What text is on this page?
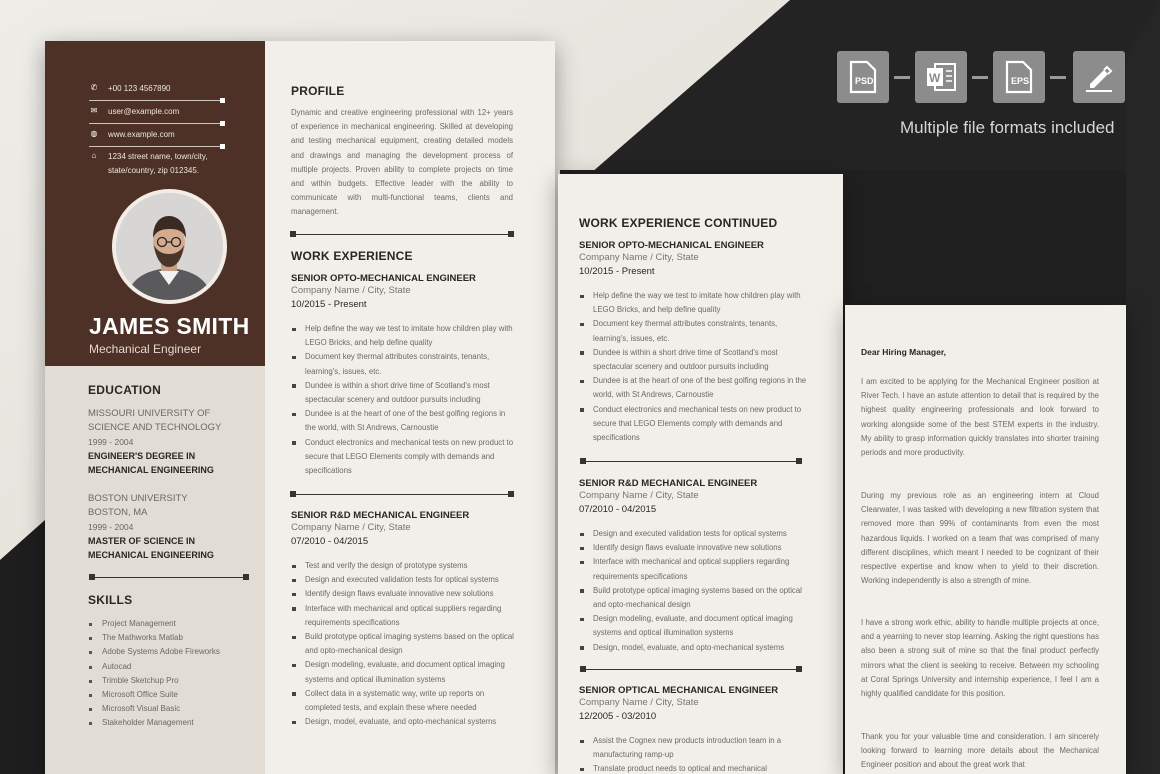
PSD	W	EPS
Multiple file formats included
✆ +00 123 4567890
✉ user@example.com
◍ www.example.com
⌂	1234 street name, town/city,
state/country, zip 012345.
JAMES SMITH
Mechanical Engineer
EDUCATION
MISSOURI UNIVERSITY OF SCIENCE AND TECHNOLOGY
1999 - 2004
ENGINEER'S DEGREE IN MECHANICAL ENGINEERING
BOSTON UNIVERSITY BOSTON, MA
1999 - 2004
MASTER OF SCIENCE IN MECHANICAL ENGINEERING
SKILLS
Project Management
The Mathworks Matlab
Adobe Systems Adobe Fireworks
Autocad
Trimble Sketchup Pro
Microsoft Office Suite
Microsoft Visual Basic
Stakeholder Management
PROFILE
Dynamic and creative engineering professional with 12+ years of experience in mechanical engineering. Skilled at developing and testing mechanical equipment, creating detailed models and drawings and managing the development process of multiple projects. Proven ability to complete projects on time and within budgets. Effective leader with the ability to communicate with multi-functional teams, clients and management.
WORK EXPERIENCE
SENIOR OPTO-MECHANICAL ENGINEER
Company Name / City, State
10/2015 - Present
Help define the way we test to imitate how children play with LEGO Bricks, and help define quality
Document key thermal attributes constraints, tenants, learning's, issues, etc.
Dundee is within a short drive time of Scotland's most spectacular scenery and outdoor pursuits including
Dundee is at the heart of one of the best golfing regions in the world, with St Andrews, Carnoustie
Conduct electronics and mechanical tests on new product to secure that LEGO Elements comply with demands and specifications
SENIOR R&D MECHANICAL ENGINEER
Company Name / City, State
07/2010 - 04/2015
Test and verify the design of prototype systems
Design and executed validation tests for optical systems
Identify design flaws evaluate innovative new solutions
Interface with mechanical and optical suppliers regarding requirements specifications
Build prototype optical imaging systems based on the optical and opto-mechanical design
Design modeling, evaluate, and document optical imaging systems and optical illumination systems
Collect data in a systematic way, write up reports on completed tests, and explain these where needed
Design, model, evaluate, and opto-mechanical systems
WORK EXPERIENCE CONTINUED
SENIOR OPTO-MECHANICAL ENGINEER
Company Name / City, State
10/2015 - Present
Help define the way we test to imitate how children play with LEGO Bricks, and help define quality
Document key thermal attributes constraints, tenants, learning's, issues, etc.
Dundee is within a short drive time of Scotland's most spectacular scenery and outdoor pursuits including
Dundee is at the heart of one of the best golfing regions in the world, with St Andrews, Carnoustie
Conduct electronics and mechanical tests on new product to secure that LEGO Elements comply with demands and specifications
SENIOR R&D MECHANICAL ENGINEER
Company Name / City, State
07/2010 - 04/2015
Design and executed validation tests for optical systems
Identify design flaws evaluate innovative new solutions
Interface with mechanical and optical suppliers regarding requirements specifications
Build prototype optical imaging systems based on the optical and opto-mechanical design
Design modeling, evaluate, and document optical imaging systems and optical illumination systems
Design, model, evaluate, and opto-mechanical systems
SENIOR OPTICAL MECHANICAL ENGINEER
Company Name / City, State
12/2005 - 03/2010
Assist the Cognex new products introduction team in a manufacturing ramp-up
Translate product needs to optical and mechanical
Dear Hiring Manager,
I am excited to be applying for the Mechanical Engineer position at River Tech. I have an astute attention to detail that is required by the highest quality engineering professionals and look forward to working alongside some of the best STEM experts in the industry. My ability to grasp information quickly translates into shorter training periods and more productivity.
During my previous role as an engineering intern at Cloud Clearwater, I was tasked with developing a new filtration system that removed more than 99% of contaminants from even the most hazardous liquids. I worked on a team that was comprised of many different disciplines, which meant I needed to be cognizant of their respective expertise and know when to yield to their discretion. Working independently is also a strength of mine.
I have a strong work ethic, ability to handle multiple projects at once, and a yearning to never stop learning. Asking the right questions has also been a strong suit of mine so that the final product perfectly mirrors what the client is seeking to receive. Between my schooling at Coral Springs University and internship experience, I feel I am a highly qualified candidate for this position.
Thank you for your valuable time and consideration. I am sincerely looking forward to learning more details about the Mechanical Engineer position and about the great work that
